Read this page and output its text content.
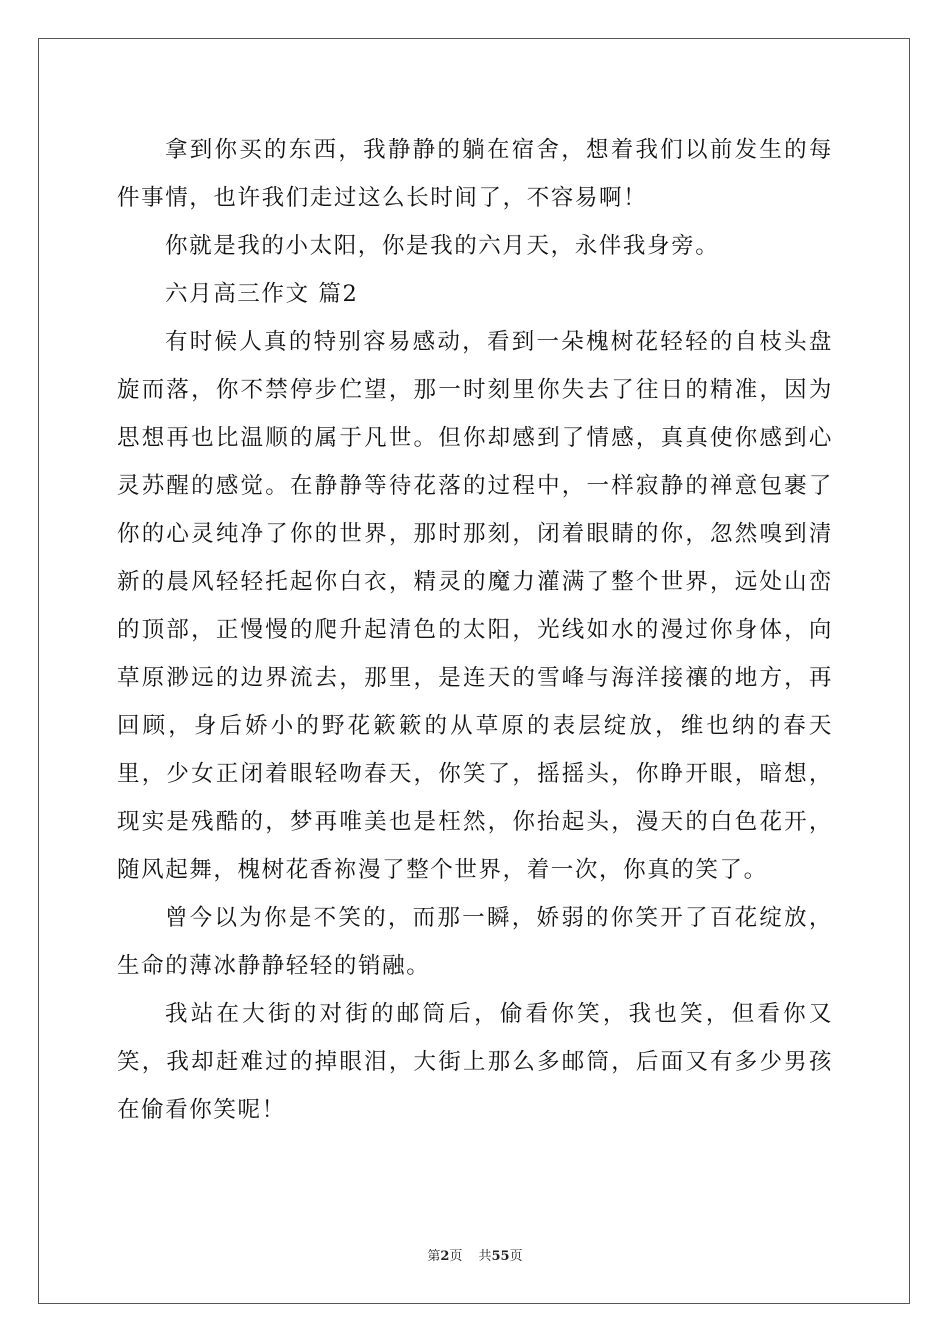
拿到你买的东西，我静静的躺在宿舍，想着我们以前发生的每件事情，也许我们走过这么长时间了，不容易啊！

你就是我的小太阳，你是我的六月天，永伴我身旁。

六月高三作文 篇2

有时候人真的特别容易感动，看到一朵槐树花轻轻的自枝头盘旋而落，你不禁停步伫望，那一时刻里你失去了往日的精准，因为思想再也比温顺的属于凡世。但你却感到了情感，真真使你感到心灵苏醒的感觉。在静静等待花落的过程中，一样寂静的禅意包裹了你的心灵纯净了你的世界，那时那刻，闭着眼睛的你，忽然嗅到清新的晨风轻轻托起你白衣，精灵的魔力灌满了整个世界，远处山峦的顶部，正慢慢的爬升起清色的太阳，光线如水的漫过你身体，向草原渺远的边界流去，那里，是连天的雪峰与海洋接禳的地方，再回顾，身后娇小的野花簌簌的从草原的表层绽放，维也纳的春天里，少女正闭着眼轻吻春天，你笑了，摇摇头，你睁开眼，暗想，现实是残酷的，梦再唯美也是枉然，你抬起头，漫天的白色花开，随风起舞，槐树花香祢漫了整个世界，着一次，你真的笑了。

曾今以为你是不笑的，而那一瞬，娇弱的你笑开了百花绽放，生命的薄冰静静轻轻的销融。

我站在大街的对街的邮筒后，偷看你笑，我也笑，但看你又笑，我却赶难过的掉眼泪，大街上那么多邮筒，后面又有多少男孩在偷看你笑呢！

第2页 共55页
